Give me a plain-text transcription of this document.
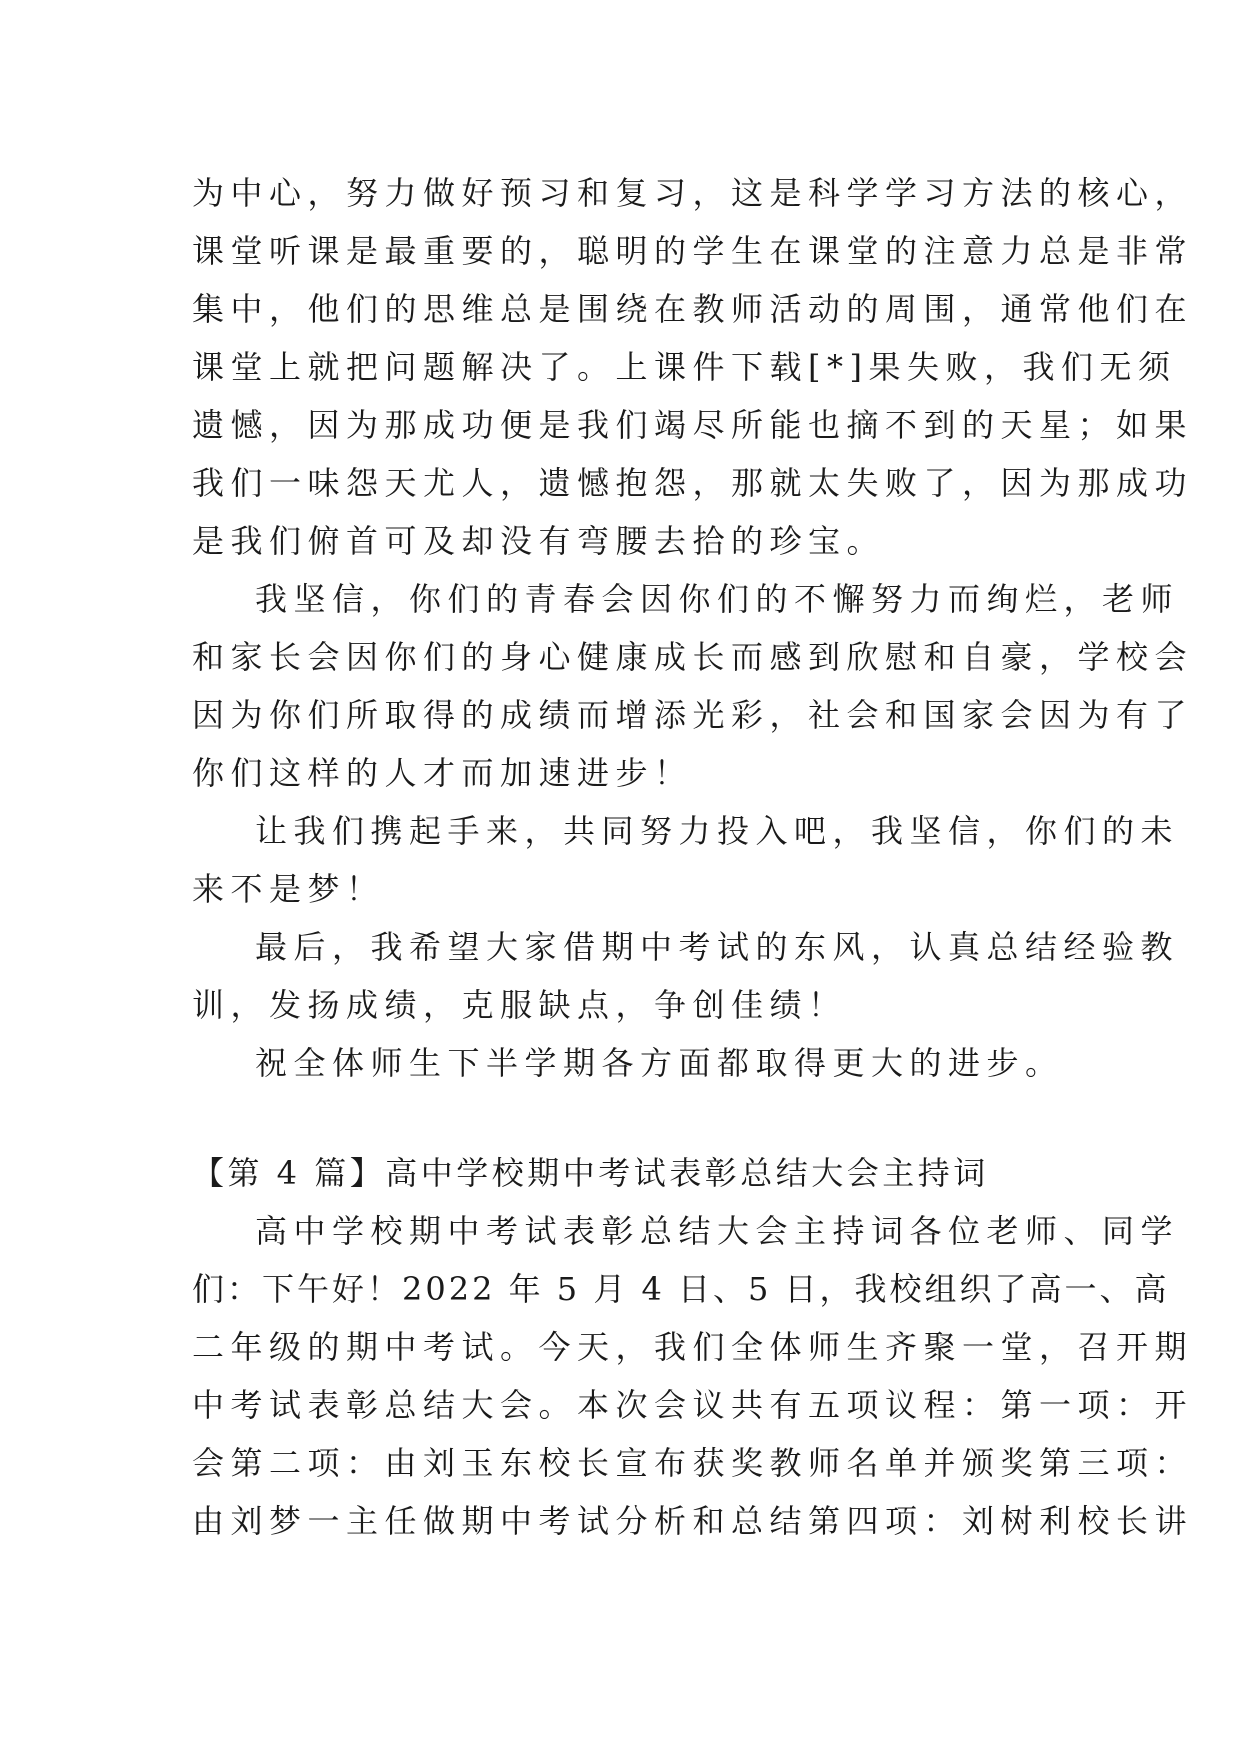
为中心，努力做好预习和复习，这是科学学习方法的核心，
课堂听课是最重要的，聪明的学生在课堂的注意力总是非常
集中，他们的思维总是围绕在教师活动的周围，通常他们在
课堂上就把问题解决了。上课件下载[*]果失败，我们无须
遗憾，因为那成功便是我们竭尽所能也摘不到的天星；如果
我们一味怨天尤人，遗憾抱怨，那就太失败了，因为那成功
是我们俯首可及却没有弯腰去拾的珍宝。
我坚信，你们的青春会因你们的不懈努力而绚烂，老师
和家长会因你们的身心健康成长而感到欣慰和自豪，学校会
因为你们所取得的成绩而增添光彩，社会和国家会因为有了
你们这样的人才而加速进步！
让我们携起手来，共同努力投入吧，我坚信，你们的未
来不是梦！
最后，我希望大家借期中考试的东风，认真总结经验教
训，发扬成绩，克服缺点，争创佳绩！
祝全体师生下半学期各方面都取得更大的进步。
【第 4 篇】高中学校期中考试表彰总结大会主持词
高中学校期中考试表彰总结大会主持词各位老师、同学
们：下午好！2022 年 5 月 4 日、5 日，我校组织了高一、高
二年级的期中考试。今天，我们全体师生齐聚一堂，召开期
中考试表彰总结大会。本次会议共有五项议程：第一项：开
会第二项：由刘玉东校长宣布获奖教师名单并颁奖第三项：
由刘梦一主任做期中考试分析和总结第四项：刘树利校长讲
